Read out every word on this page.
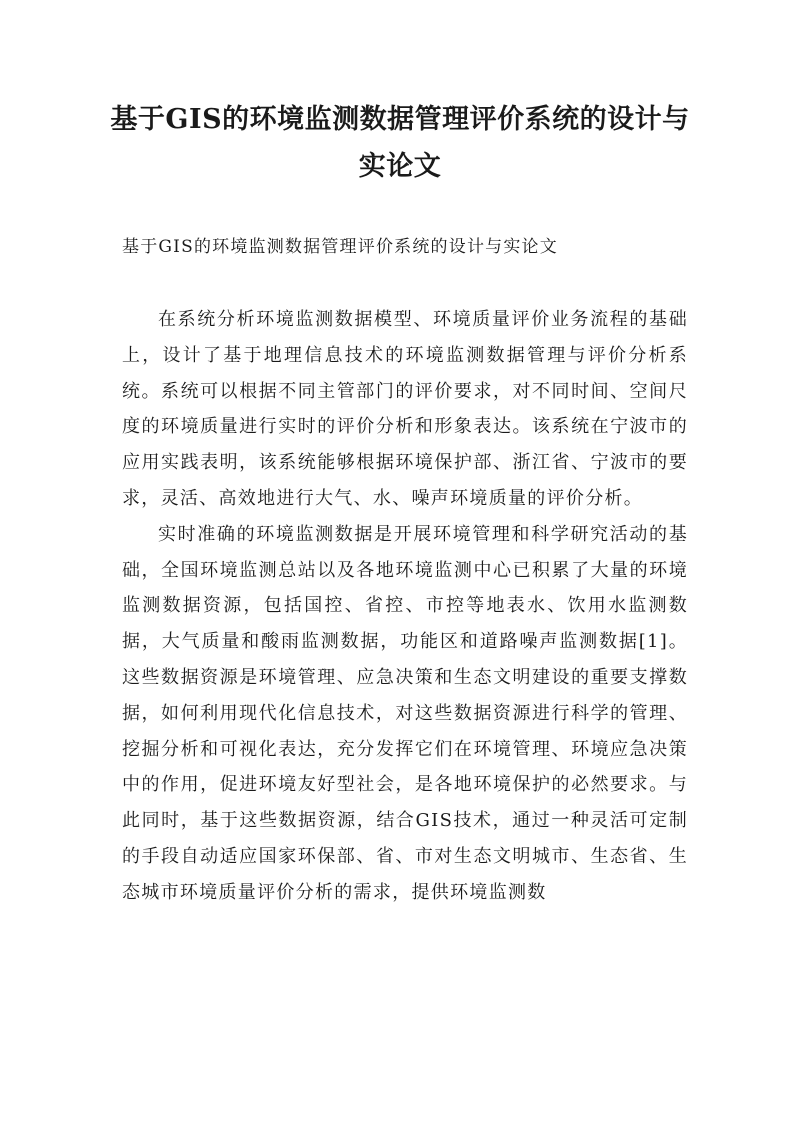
基于GIS的环境监测数据管理评价系统的设计与实论文
基于GIS的环境监测数据管理评价系统的设计与实论文

在系统分析环境监测数据模型、环境质量评价业务流程的基础上，设计了基于地理信息技术的环境监测数据管理与评价分析系统。系统可以根据不同主管部门的评价要求，对不同时间、空间尺度的环境质量进行实时的评价分析和形象表达。该系统在宁波市的应用实践表明，该系统能够根据环境保护部、浙江省、宁波市的要求，灵活、高效地进行大气、水、噪声环境质量的评价分析。

实时准确的环境监测数据是开展环境管理和科学研究活动的基础，全国环境监测总站以及各地环境监测中心已积累了大量的环境监测数据资源，包括国控、省控、市控等地表水、饮用水监测数据，大气质量和酸雨监测数据，功能区和道路噪声监测数据[1]。这些数据资源是环境管理、应急决策和生态文明建设的重要支撑数据，如何利用现代化信息技术，对这些数据资源进行科学的管理、挖掘分析和可视化表达，充分发挥它们在环境管理、环境应急决策中的作用，促进环境友好型社会，是各地环境保护的必然要求。与此同时，基于这些数据资源，结合GIS技术，通过一种灵活可定制的手段自动适应国家环保部、省、市对生态文明城市、生态省、生态城市环境质量评价分析的需求，提供环境监测数
